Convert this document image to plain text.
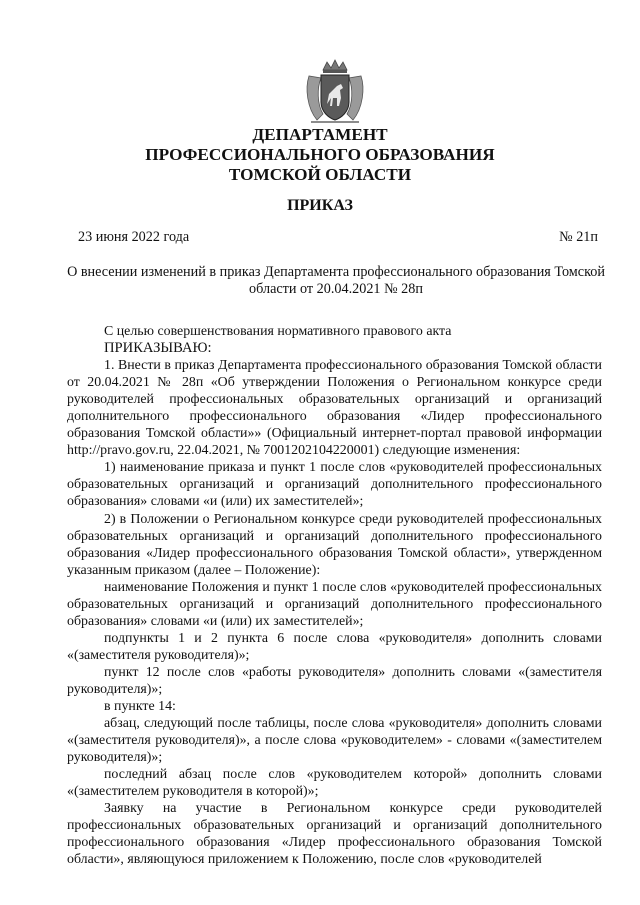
ДЕПАРТАМЕНТ
ПРОФЕССИОНАЛЬНОГО ОБРАЗОВАНИЯ
ТОМСКОЙ ОБЛАСТИ
ПРИКАЗ
23 июня 2022 года	№ 21п
О внесении изменений в приказ Департамента профессионального образования Томской области от 20.04.2021 № 28п

С целью совершенствования нормативного правового акта

ПРИКАЗЫВАЮ:

1. Внести в приказ Департамента профессионального образования Томской области от 20.04.2021 № 28п «Об утверждении Положения о Региональном конкурсе среди руководителей профессиональных образовательных организаций и организаций дополнительного профессионального образования «Лидер профессионального образования Томской области»» (Официальный интернет-портал правовой информации http://pravo.gov.ru, 22.04.2021, № 7001202104220001) следующие изменения:

1) наименование приказа и пункт 1 после слов «руководителей профессиональных образовательных организаций и организаций дополнительного профессионального образования» словами «и (или) их заместителей»;

2) в Положении о Региональном конкурсе среди руководителей профессиональных образовательных организаций и организаций дополнительного профессионального образования «Лидер профессионального образования Томской области», утвержденном указанным приказом (далее – Положение):

наименование Положения и пункт 1 после слов «руководителей профессиональных образовательных организаций и организаций дополнительного профессионального образования» словами «и (или) их заместителей»;

подпункты 1 и 2 пункта 6 после слова «руководителя» дополнить словами «(заместителя руководителя)»;

пункт 12 после слов «работы руководителя» дополнить словами «(заместителя руководителя)»;

в пункте 14:

абзац, следующий после таблицы, после слова «руководителя» дополнить словами «(заместителя руководителя)», а после слова «руководителем» - словами «(заместителем руководителя)»;

последний абзац после слов «руководителем которой» дополнить словами «(заместителем руководителя в которой)»;

Заявку на участие в Региональном конкурсе среди руководителей профессиональных образовательных организаций и организаций дополнительного профессионального образования «Лидер профессионального образования Томской области», являющуюся приложением к Положению, после слов «руководителей
